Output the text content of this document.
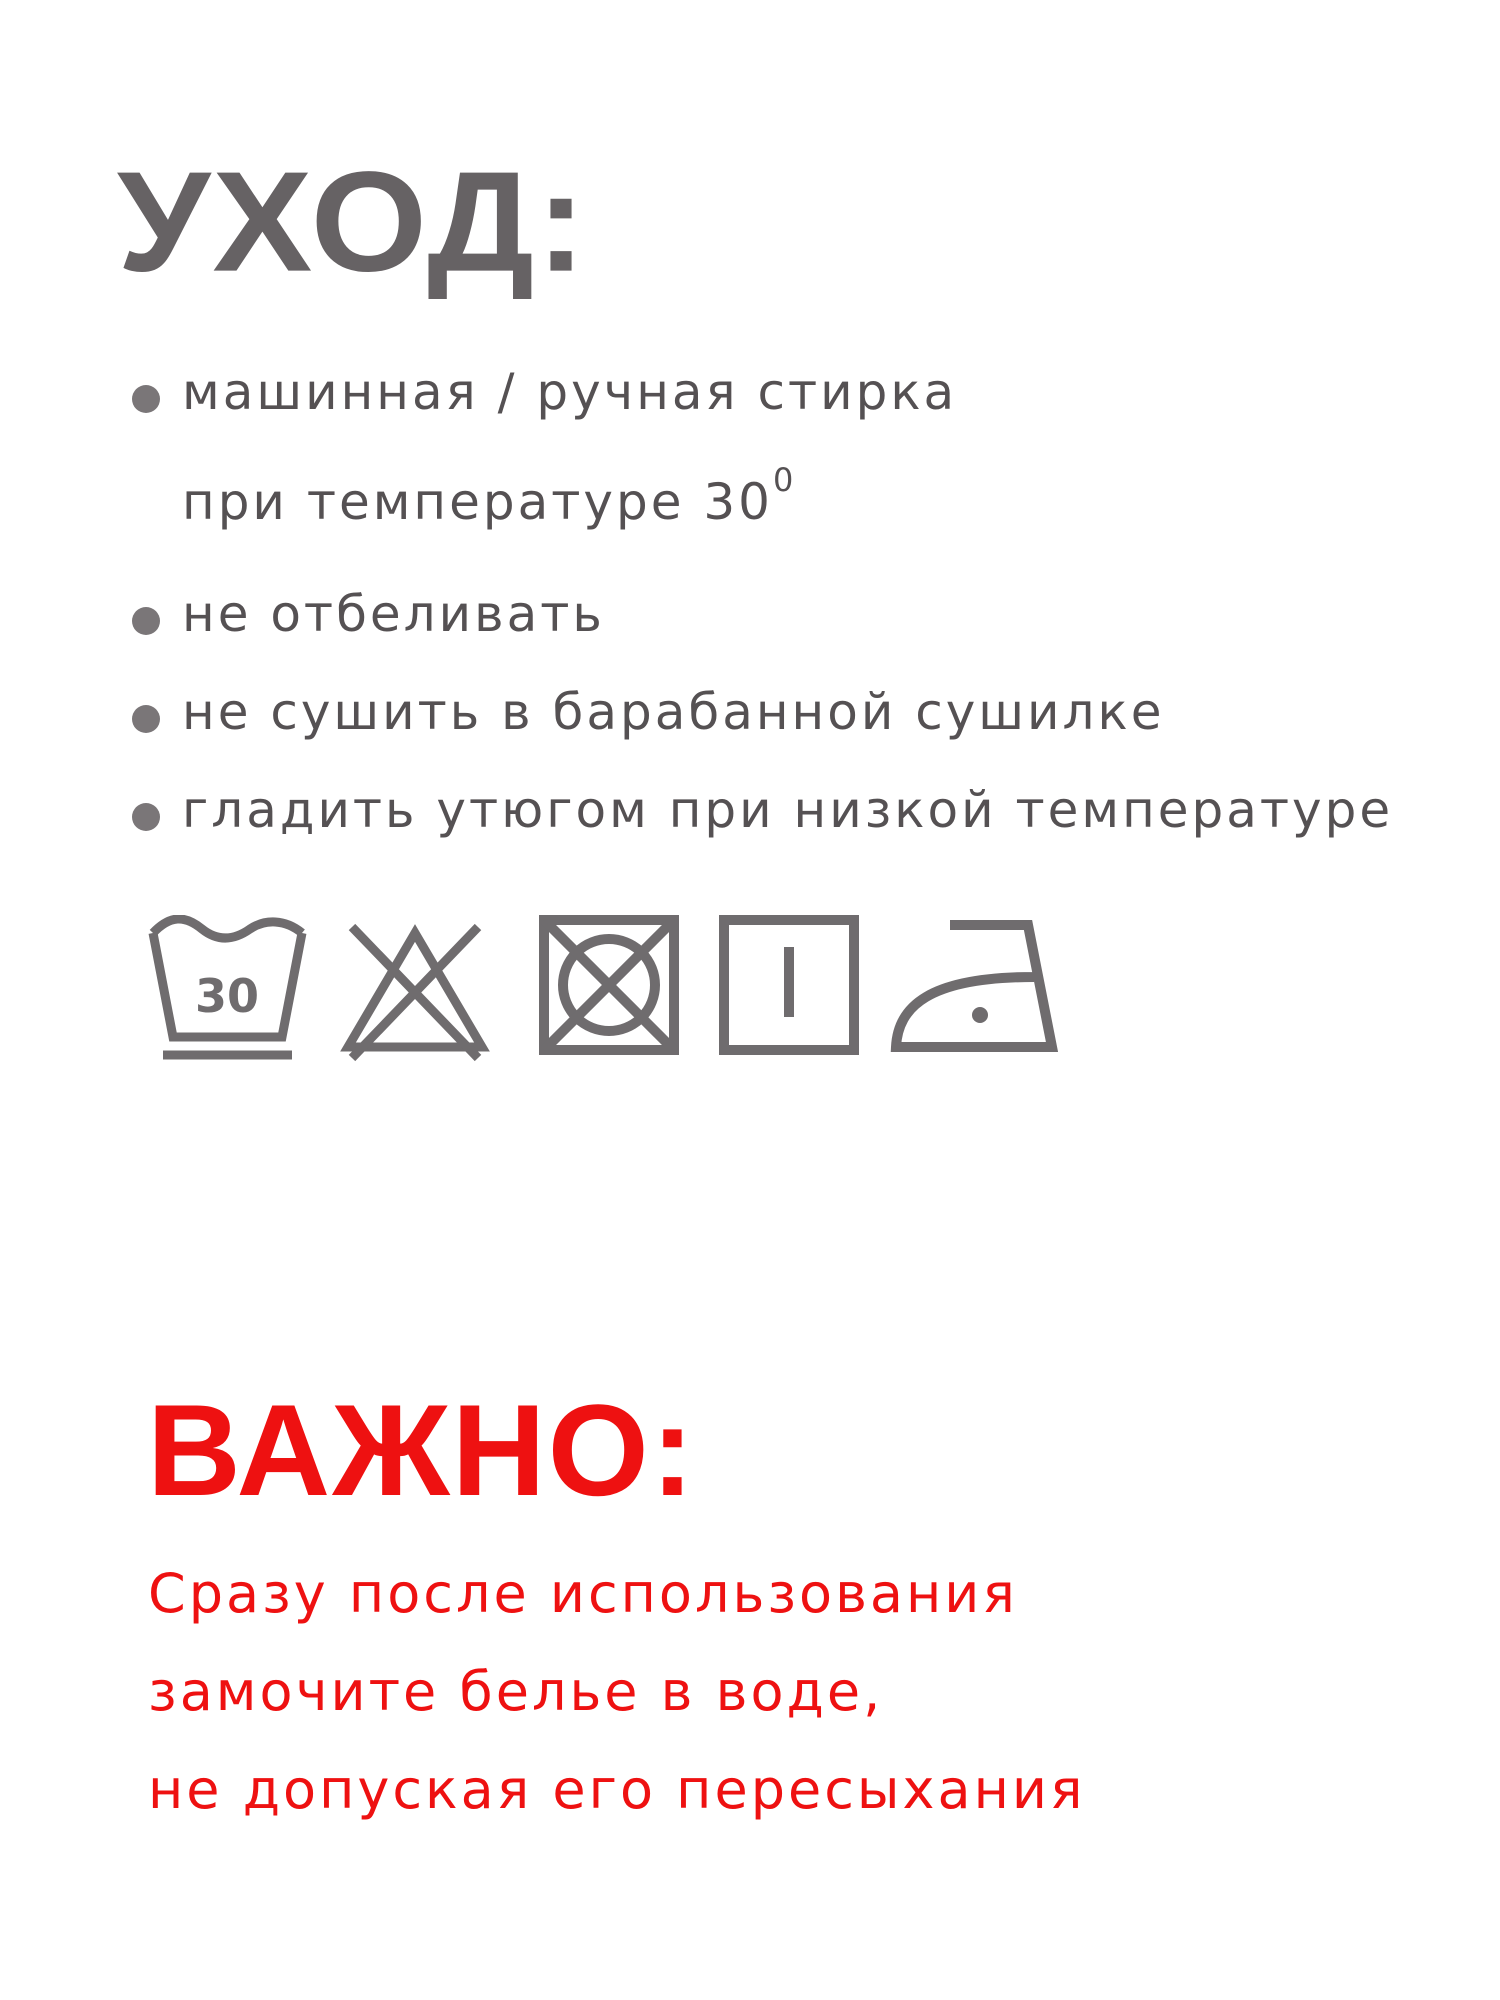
УХОД:
машинная / ручная стирка
при температуре $30^0$
не отбеливать
не сушить в барабанной сушилке
гладить утюгом при низкой температуре
30
ВАЖНО:
Сразу после использования
замочите белье в воде,
не допуская его пересыхания
